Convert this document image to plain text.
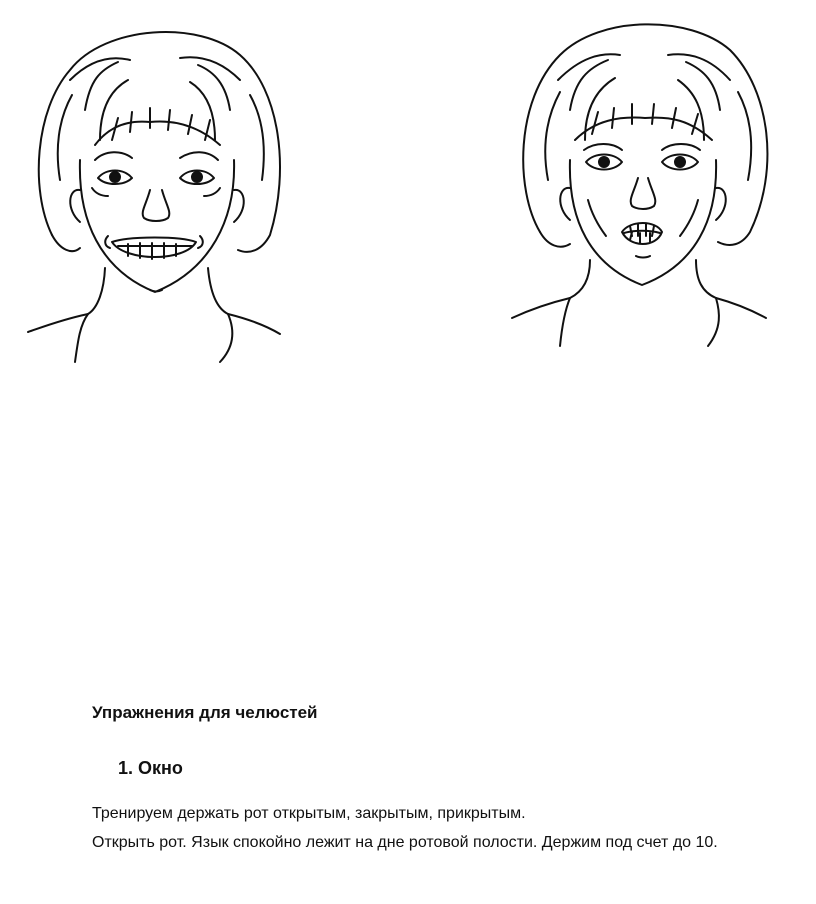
Упражнения для челюстей
1. Окно

Тренируем держать рот открытым, закрытым, прикрытым.

Открыть рот. Язык спокойно лежит на дне ротовой полости. Держим под счет до 10.
